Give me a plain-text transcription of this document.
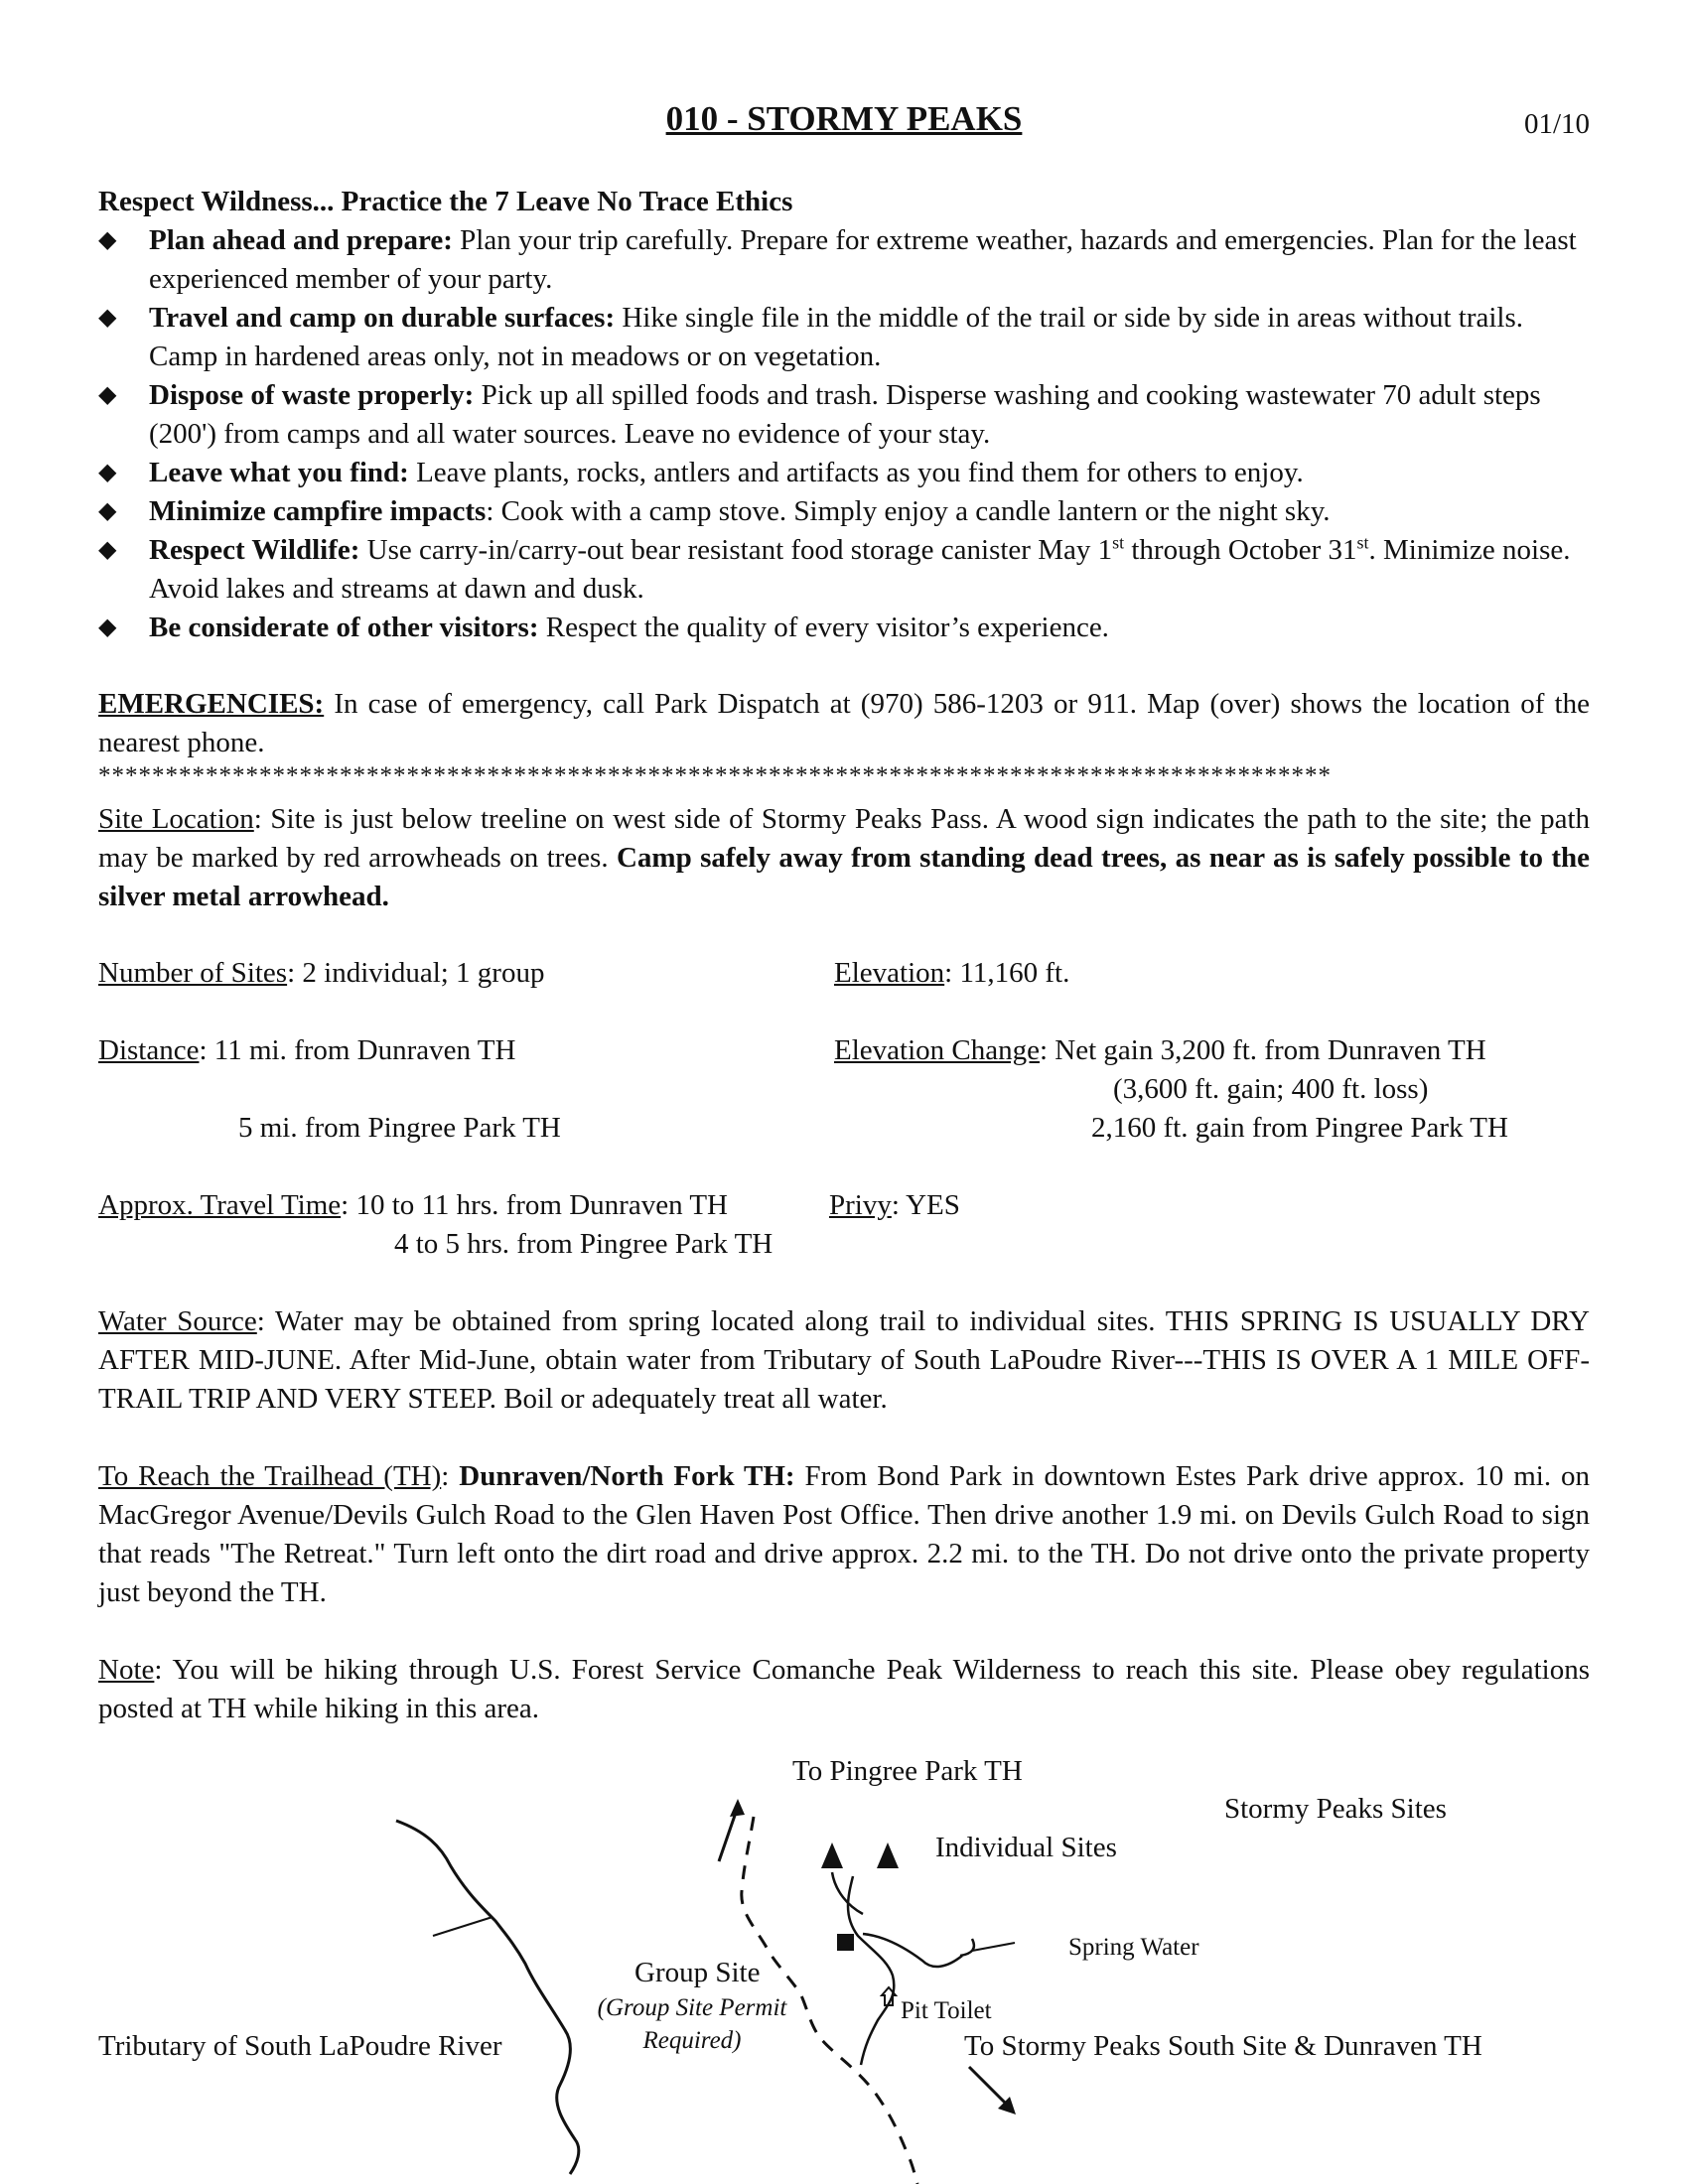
010 - STORMY PEAKS	01/10
Respect Wildness... Practice the 7 Leave No Trace Ethics
◆ Plan ahead and prepare: Plan your trip carefully. Prepare for extreme weather, hazards and emergencies. Plan for the least experienced member of your party.
◆ Travel and camp on durable surfaces: Hike single file in the middle of the trail or side by side in areas without trails. Camp in hardened areas only, not in meadows or on vegetation.
◆ Dispose of waste properly: Pick up all spilled foods and trash. Disperse washing and cooking wastewater 70 adult steps (200') from camps and all water sources. Leave no evidence of your stay.
◆ Leave what you find: Leave plants, rocks, antlers and artifacts as you find them for others to enjoy.
◆ Minimize campfire impacts: Cook with a camp stove. Simply enjoy a candle lantern or the night sky.
◆ Respect Wildlife: Use carry-in/carry-out bear resistant food storage canister May 1st through October 31st. Minimize noise. Avoid lakes and streams at dawn and dusk.
◆ Be considerate of other visitors: Respect the quality of every visitor’s experience.
EMERGENCIES: In case of emergency, call Park Dispatch at (970) 586-1203 or 911. Map (over) shows the location of the nearest phone.
********************************************************************************************
Site Location: Site is just below treeline on west side of Stormy Peaks Pass. A wood sign indicates the path to the site; the path may be marked by red arrowheads on trees. Camp safely away from standing dead trees, as near as is safely possible to the silver metal arrowhead.
Number of Sites: 2 individual; 1 group	Elevation: 11,160 ft.
Distance: 11 mi. from Dunraven TH
5 mi. from Pingree Park TH
Elevation Change: Net gain 3,200 ft. from Dunraven TH
(3,600 ft. gain; 400 ft. loss)
2,160 ft. gain from Pingree Park TH
Approx. Travel Time: 10 to 11 hrs. from Dunraven TH
4 to 5 hrs. from Pingree Park TH
Privy: YES
Water Source: Water may be obtained from spring located along trail to individual sites. THIS SPRING IS USUALLY DRY AFTER MID-JUNE. After Mid-June, obtain water from Tributary of South LaPoudre River---THIS IS OVER A 1 MILE OFF-TRAIL TRIP AND VERY STEEP. Boil or adequately treat all water.
To Reach the Trailhead (TH): Dunraven/North Fork TH: From Bond Park in downtown Estes Park drive approx. 10 mi. on MacGregor Avenue/Devils Gulch Road to the Glen Haven Post Office. Then drive another 1.9 mi. on Devils Gulch Road to sign that reads "The Retreat." Turn left onto the dirt road and drive approx. 2.2 mi. to the TH. Do not drive onto the private property just beyond the TH.
Note: You will be hiking through U.S. Forest Service Comanche Peak Wilderness to reach this site. Please obey regulations posted at TH while hiking in this area.
To Pingree Park TH
Stormy Peaks Sites
Individual Sites
Spring Water
Group Site
(Group Site Permit
Required)
Pit Toilet
Tributary of South LaPoudre River	To Stormy Peaks South Site & Dunraven TH
